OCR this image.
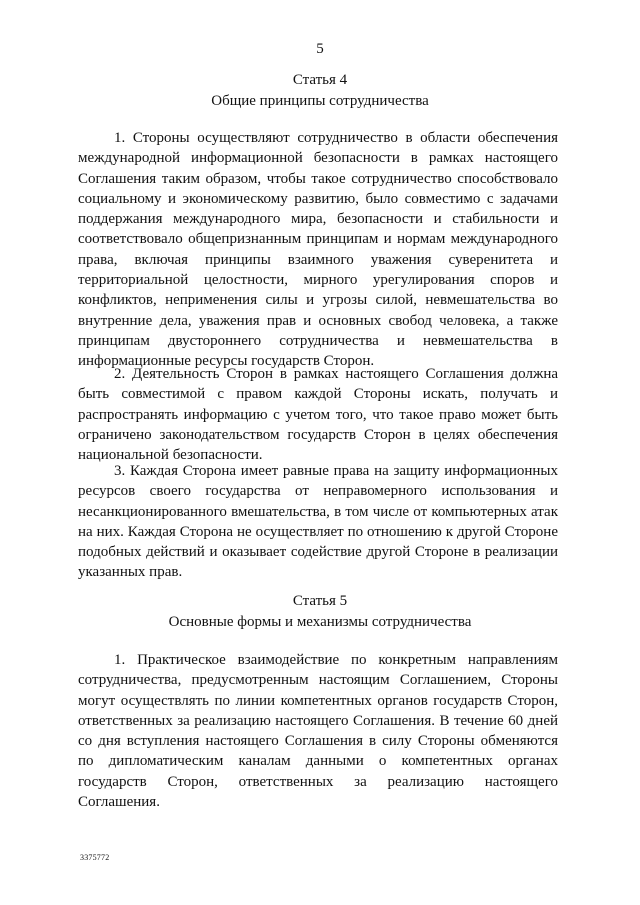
5
Статья 4
Общие принципы сотрудничества

1. Стороны осуществляют сотрудничество в области обеспечения международной информационной безопасности в рамках настоящего Соглашения таким образом, чтобы такое сотрудничество способствовало социальному и экономическому развитию, было совместимо с задачами поддержания международного мира, безопасности и стабильности и соответствовало общепризнанным принципам и нормам международного права, включая принципы взаимного уважения суверенитета и территориальной целостности, мирного урегулирования споров и конфликтов, неприменения силы и угрозы силой, невмешательства во внутренние дела, уважения прав и основных свобод человека, а также принципам двустороннего сотрудничества и невмешательства в информационные ресурсы государств Сторон.

2. Деятельность Сторон в рамках настоящего Соглашения должна быть совместимой с правом каждой Стороны искать, получать и распространять информацию с учетом того, что такое право может быть ограничено законодательством государств Сторон в целях обеспечения национальной безопасности.

3. Каждая Сторона имеет равные права на защиту информационных ресурсов своего государства от неправомерного использования и несанкционированного вмешательства, в том числе от компьютерных атак на них. Каждая Сторона не осуществляет по отношению к другой Стороне подобных действий и оказывает содействие другой Стороне в реализации указанных прав.

Статья 5
Основные формы и механизмы сотрудничества

1. Практическое взаимодействие по конкретным направлениям сотрудничества, предусмотренным настоящим Соглашением, Стороны могут осуществлять по линии компетентных органов государств Сторон, ответственных за реализацию настоящего Соглашения. В течение 60 дней со дня вступления настоящего Соглашения в силу Стороны обменяются по дипломатическим каналам данными о компетентных органах государств Сторон, ответственных за реализацию настоящего Соглашения.

3375772
